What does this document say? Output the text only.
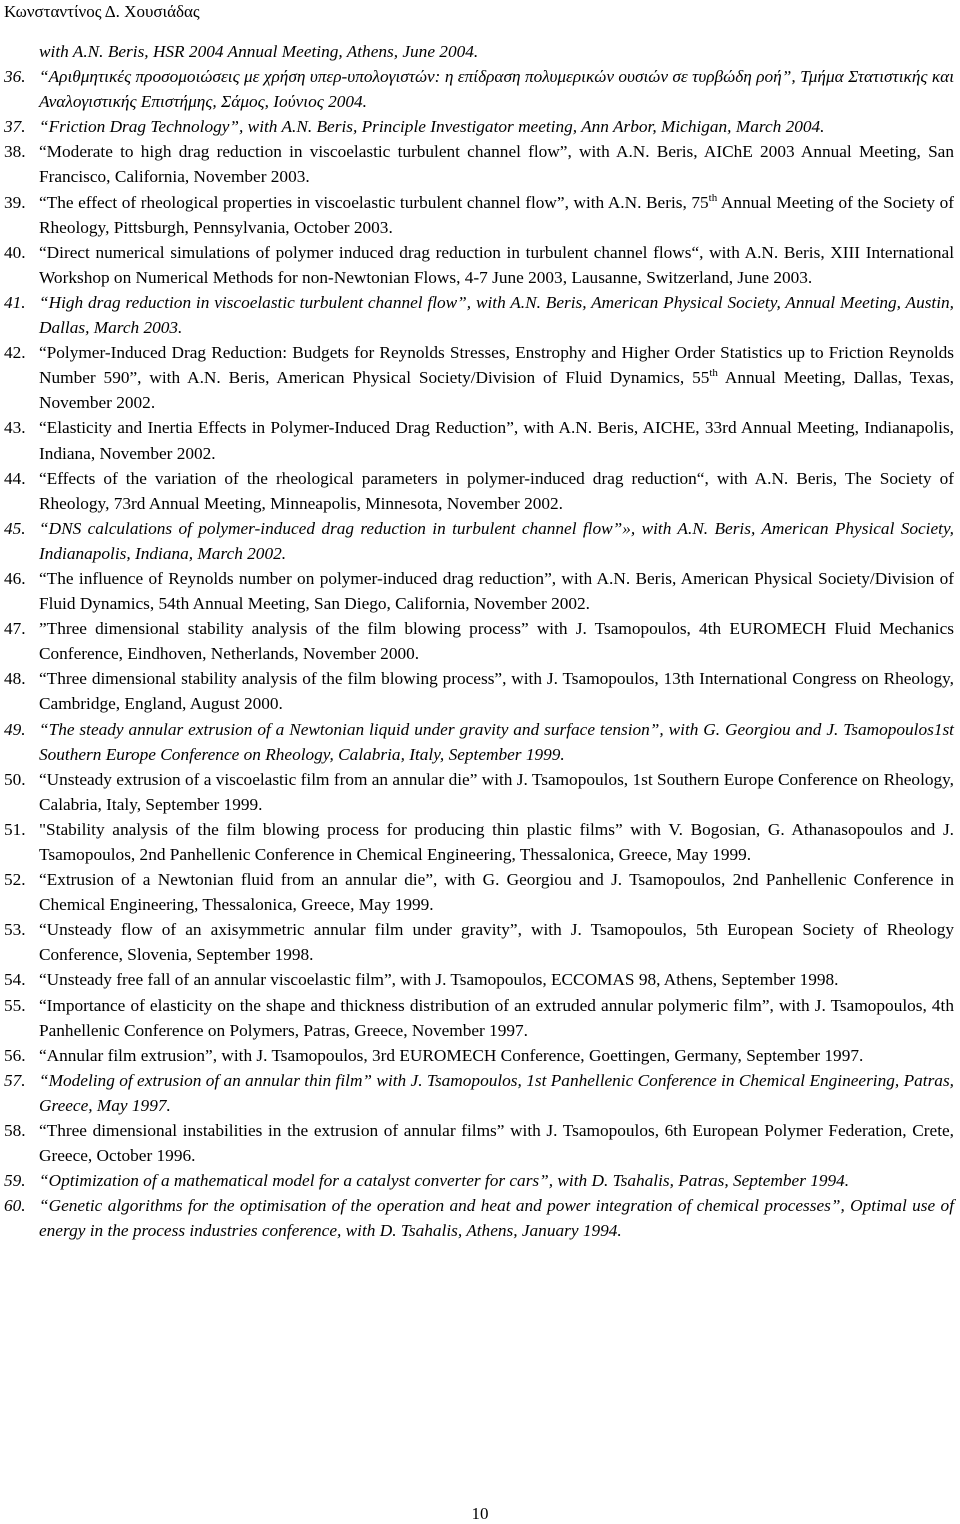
Κωνσταντίνος Δ. Χουσιάδας
with A.N. Beris, HSR 2004 Annual Meeting, Athens, June 2004.
36. “Αριθμητικές προσομοιώσεις με χρήση υπερ-υπολογιστών: η επίδραση πολυμερικών ουσιών σε τυρβώδη ροή”, Τμήμα Στατιστικής και Αναλογιστικής Επιστήμης, Σάμος, Ιούνιος 2004.
37. “Friction Drag Technology”, with A.N. Beris, Principle Investigator meeting, Ann Arbor, Michigan, March 2004.
38. “Moderate to high drag reduction in viscoelastic turbulent channel flow”, with A.N. Beris, AIChE 2003 Annual Meeting, San Francisco, California, November 2003.
39. “The effect of rheological properties in viscoelastic turbulent channel flow”, with A.N. Beris, 75th Annual Meeting of the Society of Rheology, Pittsburgh, Pennsylvania, October 2003.
40. “Direct numerical simulations of polymer induced drag reduction in turbulent channel flows“, with A.N. Beris, XIII International Workshop on Numerical Methods for non-Newtonian Flows, 4-7 June 2003, Lausanne, Switzerland, June 2003.
41. “High drag reduction in viscoelastic turbulent channel flow”, with A.N. Beris, American Physical Society, Annual Meeting, Austin, Dallas, March 2003.
42. “Polymer-Induced Drag Reduction: Budgets for Reynolds Stresses, Enstrophy and Higher Order Statistics up to Friction Reynolds Number 590”, with A.N. Beris, American Physical Society/Division of Fluid Dynamics, 55th Annual Meeting, Dallas, Texas, November 2002.
43. “Elasticity and Inertia Effects in Polymer-Induced Drag Reduction”, with A.N. Beris, AICHE, 33rd Annual Meeting, Indianapolis, Indiana, November 2002.
44. “Effects of the variation of the rheological parameters in polymer-induced drag reduction“, with A.N. Beris, The Society of Rheology, 73rd Annual Meeting, Minneapolis, Minnesota, November 2002.
45. “DNS calculations of polymer-induced drag reduction in turbulent channel flow”», with A.N. Beris, American Physical Society, Indianapolis, Indiana, March 2002.
46. “The influence of Reynolds number on polymer-induced drag reduction”, with A.N. Beris, American Physical Society/Division of Fluid Dynamics, 54th Annual Meeting, San Diego, California, November 2002.
47. ”Three dimensional stability analysis of the film blowing process” with J. Tsamopoulos, 4th EUROMECH Fluid Mechanics Conference, Eindhoven, Netherlands, November 2000.
48. “Three dimensional stability analysis of the film blowing process”, with J. Tsamopoulos, 13th International Congress on Rheology, Cambridge, England, August 2000.
49. “The steady annular extrusion of a Newtonian liquid under gravity and surface tension”, with G. Georgiou and J. Tsamopoulos1st Southern Europe Conference on Rheology, Calabria, Italy, September 1999.
50. “Unsteady extrusion of a viscoelastic film from an annular die” with J. Tsamopoulos, 1st Southern Europe Conference on Rheology, Calabria, Italy, September 1999.
51. "Stability analysis of the film blowing process for producing thin plastic films” with V. Bogosian, G. Athanasopoulos and J. Tsamopoulos, 2nd Panhellenic Conference in Chemical Engineering, Thessalonica, Greece, May 1999.
52. “Extrusion of a Newtonian fluid from an annular die”, with G. Georgiou and J. Tsamopoulos, 2nd Panhellenic Conference in Chemical Engineering, Thessalonica, Greece, May 1999.
53. “Unsteady flow of an axisymmetric annular film under gravity”, with J. Tsamopoulos, 5th European Society of Rheology Conference, Slovenia, September 1998.
54. “Unsteady free fall of an annular viscoelastic film”, with J. Tsamopoulos, ECCOMAS 98, Athens, September 1998.
55. “Importance of elasticity on the shape and thickness distribution of an extruded annular polymeric film”, with J. Tsamopoulos, 4th Panhellenic Conference on Polymers, Patras, Greece, November 1997.
56. “Annular film extrusion”, with J. Tsamopoulos, 3rd EUROMECH Conference, Goettingen, Germany, September 1997.
57. “Modeling of extrusion of an annular thin film” with J. Tsamopoulos, 1st Panhellenic Conference in Chemical Engineering, Patras, Greece, May 1997.
58. “Three dimensional instabilities in the extrusion of annular films” with J. Tsamopoulos, 6th European Polymer Federation, Crete, Greece, October 1996.
59. “Optimization of a mathematical model for a catalyst converter for cars”, with D. Tsahalis, Patras, September 1994.
60. “Genetic algorithms for the optimisation of the operation and heat and power integration of chemical processes”, Optimal use of energy in the process industries conference, with D. Tsahalis, Athens, January 1994.
10
